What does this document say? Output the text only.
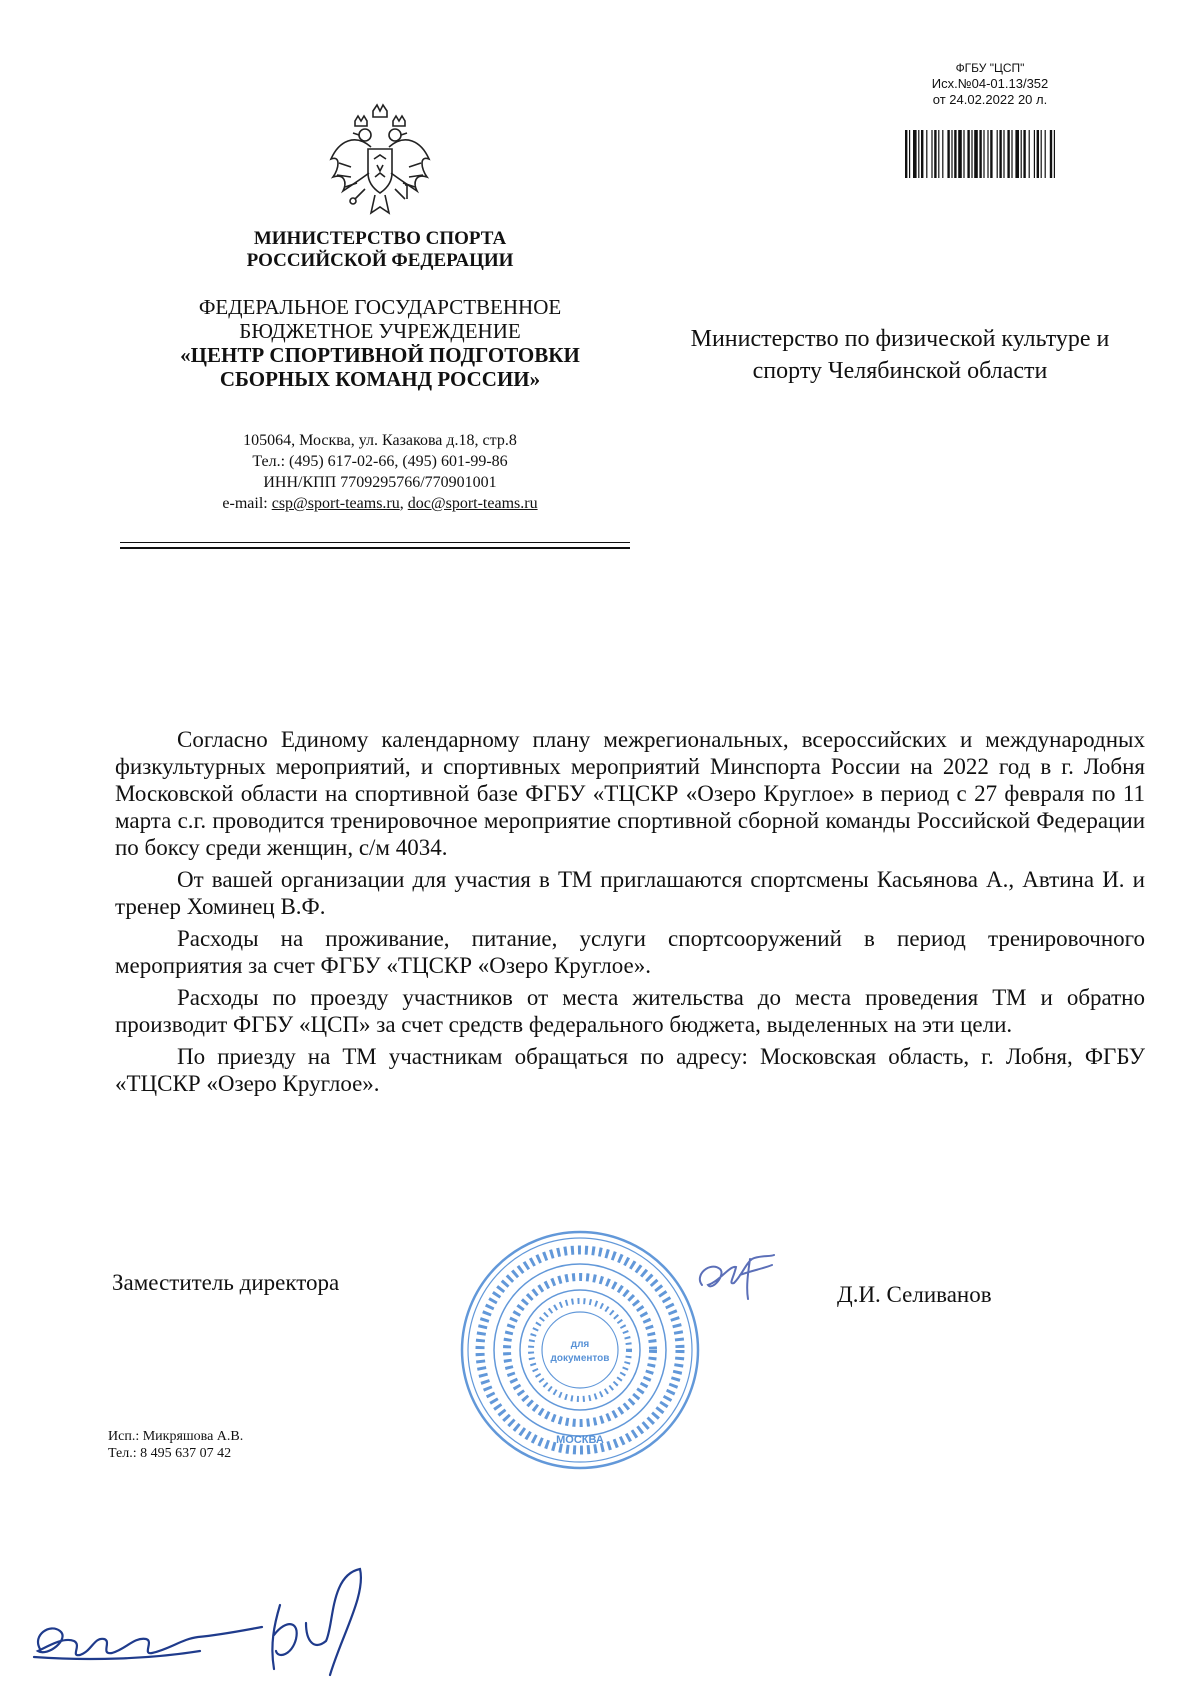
ФГБУ "ЦСП"
Исх.№04-01.13/352
от 24.02.2022 20 л.
МИНИСТЕРСТВО СПОРТА
РОССИЙСКОЙ ФЕДЕРАЦИИ
ФЕДЕРАЛЬНОЕ ГОСУДАРСТВЕННОЕ
БЮДЖЕТНОЕ УЧРЕЖДЕНИЕ
«ЦЕНТР СПОРТИВНОЙ ПОДГОТОВКИ
СБОРНЫХ КОМАНД РОССИИ»
105064, Москва, ул. Казакова д.18, стр.8
Тел.: (495) 617-02-66, (495) 601-99-86
ИНН/КПП 7709295766/770901001
e-mail: csp@sport-teams.ru, doc@sport-teams.ru
Министерство по физической культуре и
спорту Челябинской области

Согласно Единому календарному плану межрегиональных, всероссийских и международных физкультурных мероприятий, и спортивных мероприятий Минспорта России на 2022 год в г. Лобня Московской области на спортивной базе ФГБУ «ТЦСКР «Озеро Круглое» в период с 27 февраля по 11 марта с.г. проводится тренировочное мероприятие спортивной сборной команды Российской Федерации по боксу среди женщин, с/м 4034.

От вашей организации для участия в ТМ приглашаются спортсмены Касьянова А., Автина И. и тренер Хоминец В.Ф.

Расходы на проживание, питание, услуги спортсооружений в период тренировочного мероприятия за счет ФГБУ «ТЦСКР «Озеро Круглое».

Расходы по проезду участников от места жительства до места проведения ТМ и обратно производит ФГБУ «ЦСП» за счет средств федерального бюджета, выделенных на эти цели.

По приезду на ТМ участникам обращаться по адресу: Московская область, г. Лобня, ФГБУ «ТЦСКР «Озеро Круглое».

для
документов
МОСКВА
Заместитель директора	Д.И. Селиванов
Исп.: Микряшова А.В.
Тел.: 8 495 637 07 42
